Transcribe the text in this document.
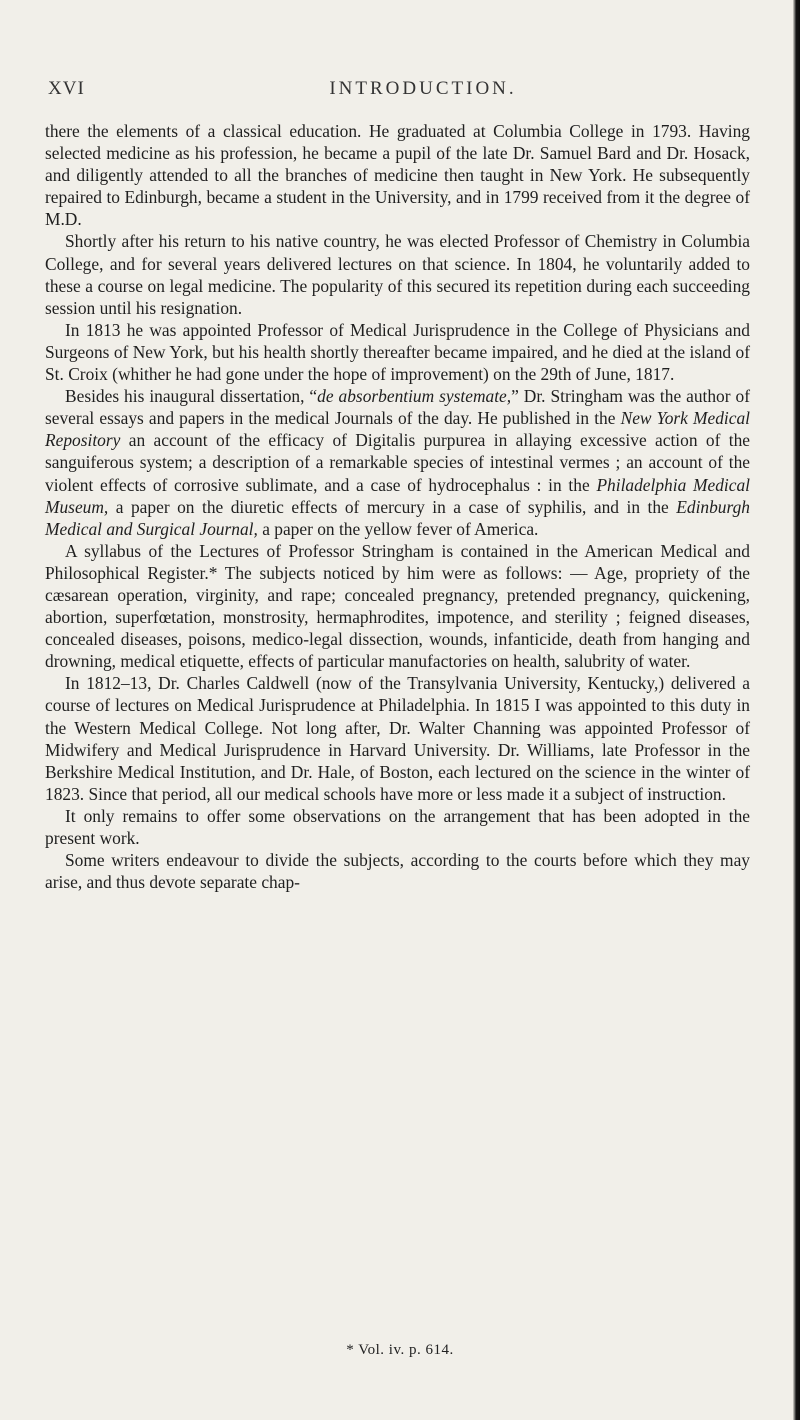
XVI	INTRODUCTION.

there the elements of a classical education. He graduated at Columbia College in 1793. Having selected medicine as his profession, he became a pupil of the late Dr. Samuel Bard and Dr. Hosack, and diligently attended to all the branches of medicine then taught in New York. He subsequently repaired to Edinburgh, became a student in the University, and in 1799 received from it the degree of M.D.

Shortly after his return to his native country, he was elected Professor of Chemistry in Columbia College, and for several years delivered lectures on that science. In 1804, he voluntarily added to these a course on legal medicine. The popularity of this secured its repetition during each succeeding session until his resignation.

In 1813 he was appointed Professor of Medical Jurisprudence in the College of Physicians and Surgeons of New York, but his health shortly thereafter became impaired, and he died at the island of St. Croix (whither he had gone under the hope of improvement) on the 29th of June, 1817.

Besides his inaugural dissertation, “de absorbentium systemate,” Dr. Stringham was the author of several essays and papers in the medical Journals of the day. He published in the New York Medical Repository an account of the efficacy of Digitalis purpurea in allaying excessive action of the sanguiferous system; a description of a remarkable species of intestinal vermes ; an account of the violent effects of corrosive sublimate, and a case of hydrocephalus : in the Philadelphia Medical Museum, a paper on the diuretic effects of mercury in a case of syphilis, and in the Edinburgh Medical and Surgical Journal, a paper on the yellow fever of America.

A syllabus of the Lectures of Professor Stringham is contained in the American Medical and Philosophical Register.* The subjects noticed by him were as follows: — Age, propriety of the cæsarean operation, virginity, and rape; concealed pregnancy, pretended pregnancy, quickening, abortion, superfœtation, monstrosity, hermaphrodites, impotence, and sterility ; feigned diseases, concealed diseases, poisons, medico-legal dissection, wounds, infanticide, death from hanging and drowning, medical etiquette, effects of particular manufactories on health, salubrity of water.

In 1812–13, Dr. Charles Caldwell (now of the Transylvania University, Kentucky,) delivered a course of lectures on Medical Jurisprudence at Philadelphia. In 1815 I was appointed to this duty in the Western Medical College. Not long after, Dr. Walter Channing was appointed Professor of Midwifery and Medical Jurisprudence in Harvard University. Dr. Williams, late Professor in the Berkshire Medical Institution, and Dr. Hale, of Boston, each lectured on the science in the winter of 1823. Since that period, all our medical schools have more or less made it a subject of instruction.

It only remains to offer some observations on the arrangement that has been adopted in the present work.

Some writers endeavour to divide the subjects, according to the courts before which they may arise, and thus devote separate chap-

* Vol. iv. p. 614.
